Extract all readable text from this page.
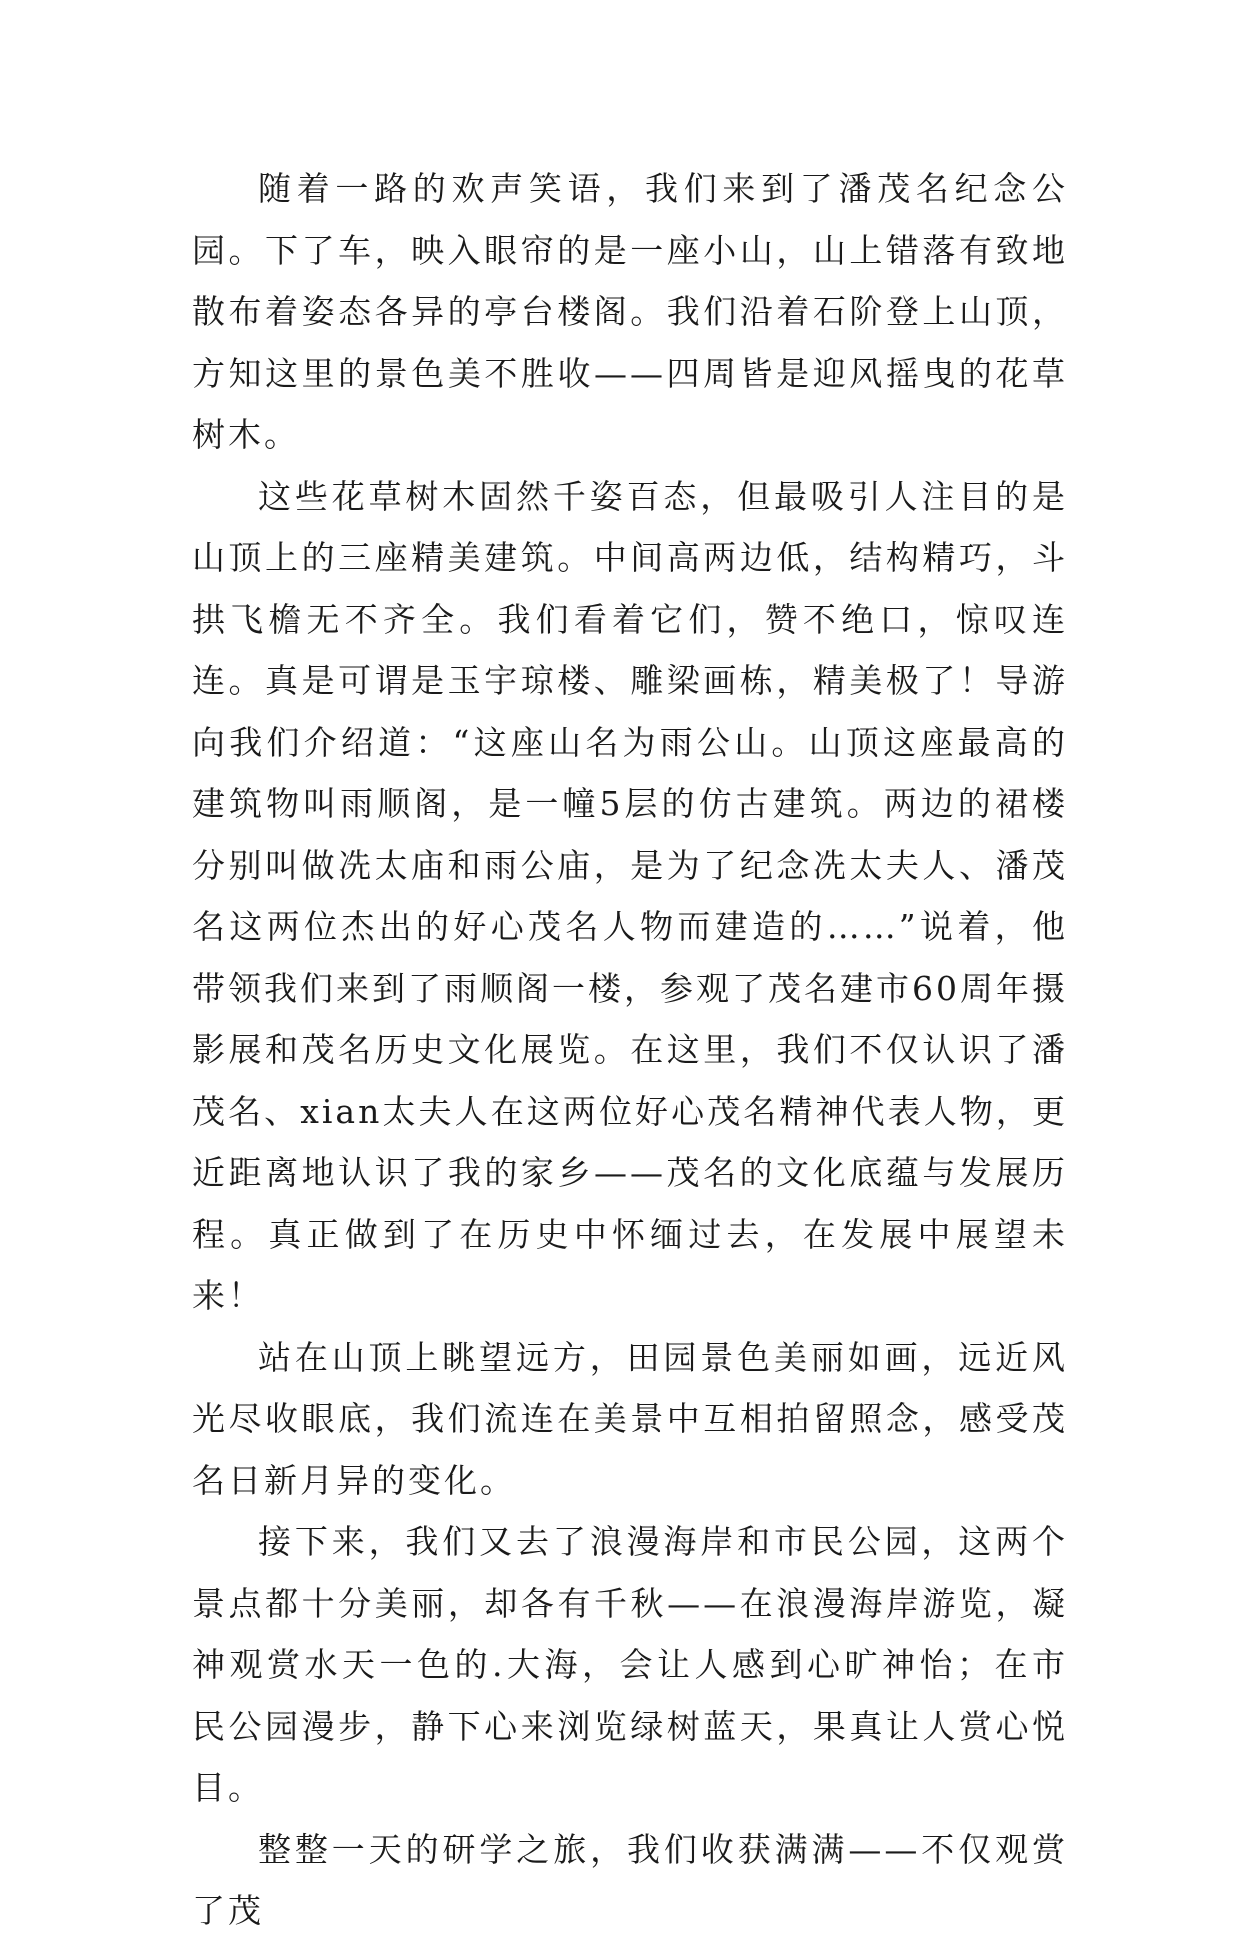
随着一路的欢声笑语，我们来到了潘茂名纪念公园。下了车，映入眼帘的是一座小山，山上错落有致地散布着姿态各异的亭台楼阁。我们沿着石阶登上山顶，方知这里的景色美不胜收——四周皆是迎风摇曳的花草树木。

这些花草树木固然千姿百态，但最吸引人注目的是山顶上的三座精美建筑。中间高两边低，结构精巧，斗拱飞檐无不齐全。我们看着它们，赞不绝口，惊叹连连。真是可谓是玉宇琼楼、雕梁画栋，精美极了！导游向我们介绍道：“这座山名为雨公山。山顶这座最高的建筑物叫雨顺阁，是一幢5层的仿古建筑。两边的裙楼分别叫做冼太庙和雨公庙，是为了纪念冼太夫人、潘茂名这两位杰出的好心茂名人物而建造的……”说着，他带领我们来到了雨顺阁一楼，参观了茂名建市60周年摄影展和茂名历史文化展览。在这里，我们不仅认识了潘茂名、xian太夫人在这两位好心茂名精神代表人物，更近距离地认识了我的家乡——茂名的文化底蕴与发展历程。真正做到了在历史中怀缅过去，在发展中展望未来！

站在山顶上眺望远方，田园景色美丽如画，远近风光尽收眼底，我们流连在美景中互相拍留照念，感受茂名日新月异的变化。

接下来，我们又去了浪漫海岸和市民公园，这两个景点都十分美丽，却各有千秋——在浪漫海岸游览，凝神观赏水天一色的.大海，会让人感到心旷神怡；在市民公园漫步，静下心来浏览绿树蓝天，果真让人赏心悦目。

整整一天的研学之旅，我们收获满满——不仅观赏了茂
